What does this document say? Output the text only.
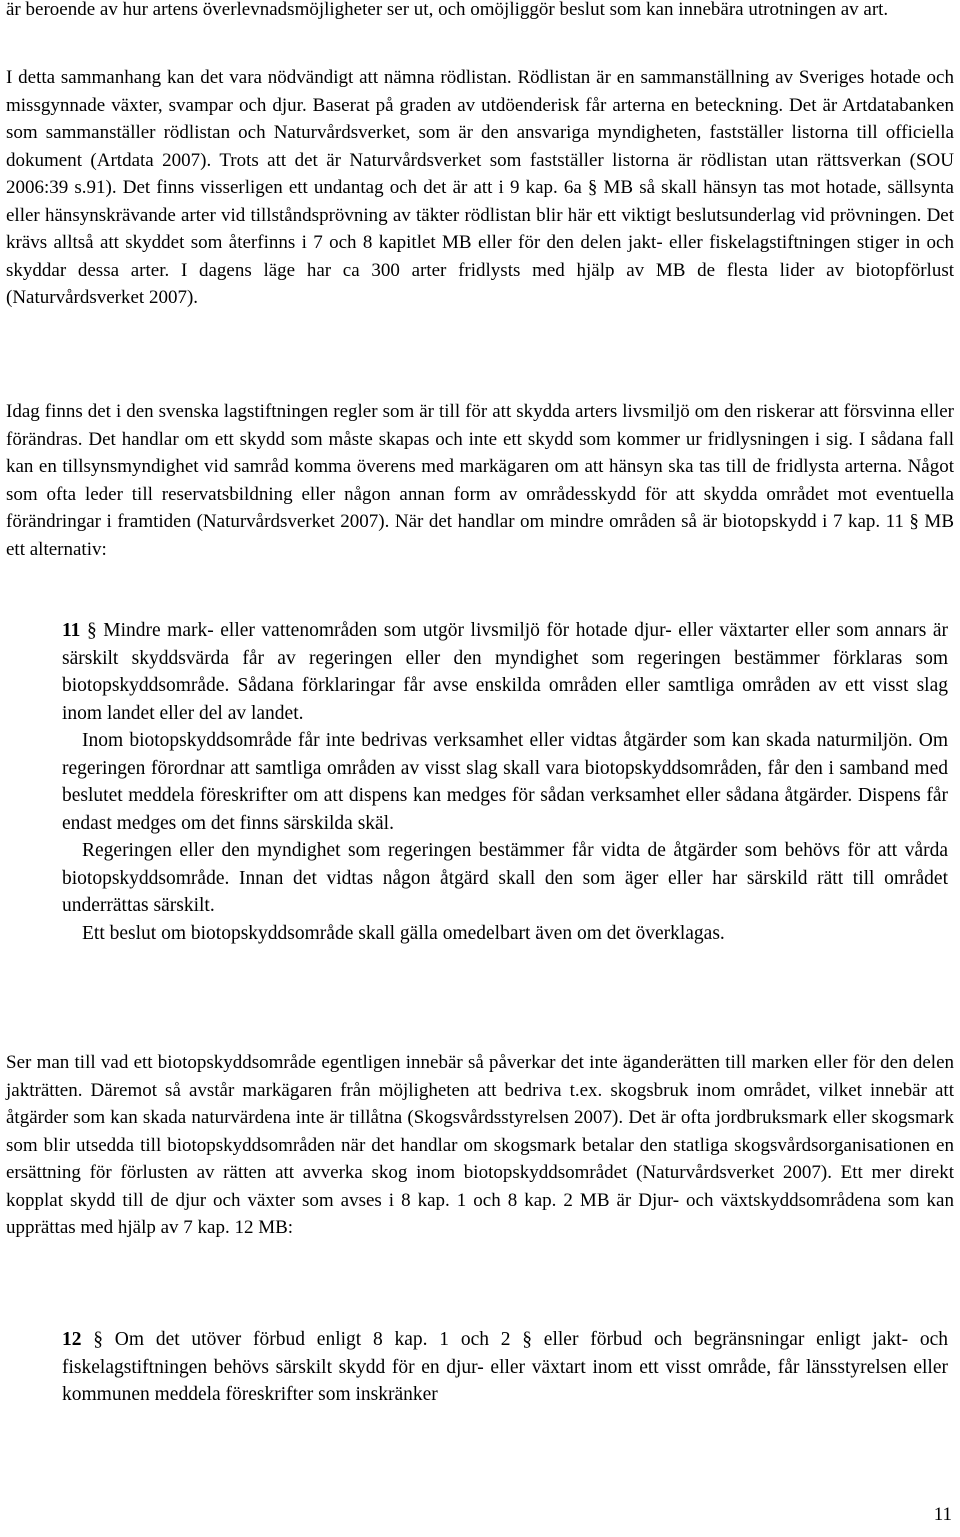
är beroende av hur artens överlevnadsmöjligheter ser ut, och omöjliggör beslut som kan innebära utrotningen av art.

I detta sammanhang kan det vara nödvändigt att nämna rödlistan. Rödlistan är en sammanställning av Sveriges hotade och missgynnade växter, svampar och djur. Baserat på graden av utdöenderisk får arterna en beteckning. Det är Artdatabanken som sammanställer rödlistan och Naturvårdsverket, som är den ansvariga myndigheten, fastställer listorna till officiella dokument (Artdata 2007). Trots att det är Naturvårdsverket som fastställer listorna är rödlistan utan rättsverkan (SOU 2006:39 s.91). Det finns visserligen ett undantag och det är att i 9 kap. 6a § MB så skall hänsyn tas mot hotade, sällsynta eller hänsynskrävande arter vid tillståndsprövning av täkter rödlistan blir här ett viktigt beslutsunderlag vid prövningen. Det krävs alltså att skyddet som återfinns i 7 och 8 kapitlet MB eller för den delen jakt- eller fiskelagstiftningen stiger in och skyddar dessa arter. I dagens läge har ca 300 arter fridlysts med hjälp av MB de flesta lider av biotopförlust (Naturvårdsverket 2007).

Idag finns det i den svenska lagstiftningen regler som är till för att skydda arters livsmiljö om den riskerar att försvinna eller förändras. Det handlar om ett skydd som måste skapas och inte ett skydd som kommer ur fridlysningen i sig. I sådana fall kan en tillsynsmyndighet vid samråd komma överens med markägaren om att hänsyn ska tas till de fridlysta arterna. Något som ofta leder till reservatsbildning eller någon annan form av områdesskydd för att skydda området mot eventuella förändringar i framtiden (Naturvårdsverket 2007). När det handlar om mindre områden så är biotopskydd i 7 kap. 11 § MB ett alternativ:

11 § Mindre mark- eller vattenområden som utgör livsmiljö för hotade djur- eller växtarter eller som annars är särskilt skyddsvärda får av regeringen eller den myndighet som regeringen bestämmer förklaras som biotopskyddsområde. Sådana förklaringar får avse enskilda områden eller samtliga områden av ett visst slag inom landet eller del av landet.

Inom biotopskyddsområde får inte bedrivas verksamhet eller vidtas åtgärder som kan skada naturmiljön. Om regeringen förordnar att samtliga områden av visst slag skall vara biotopskyddsområden, får den i samband med beslutet meddela föreskrifter om att dispens kan medges för sådan verksamhet eller sådana åtgärder. Dispens får endast medges om det finns särskilda skäl.

Regeringen eller den myndighet som regeringen bestämmer får vidta de åtgärder som behövs för att vårda biotopskyddsområde. Innan det vidtas någon åtgärd skall den som äger eller har särskild rätt till området underrättas särskilt.

Ett beslut om biotopskyddsområde skall gälla omedelbart även om det överklagas.

Ser man till vad ett biotopskyddsområde egentligen innebär så påverkar det inte äganderätten till marken eller för den delen jakträtten. Däremot så avstår markägaren från möjligheten att bedriva t.ex. skogsbruk inom området, vilket innebär att åtgärder som kan skada naturvärdena inte är tillåtna (Skogsvårdsstyrelsen 2007). Det är ofta jordbruksmark eller skogsmark som blir utsedda till biotopskyddsområden när det handlar om skogsmark betalar den statliga skogsvårdsorganisationen en ersättning för förlusten av rätten att avverka skog inom biotopskyddsområdet (Naturvårdsverket 2007). Ett mer direkt kopplat skydd till de djur och växter som avses i 8 kap. 1 och 8 kap. 2 MB är Djur- och växtskyddsområdena som kan upprättas med hjälp av 7 kap. 12 MB:

12 § Om det utöver förbud enligt 8 kap. 1 och 2 § eller förbud och begränsningar enligt jakt- och fiskelagstiftningen behövs särskilt skydd för en djur- eller växtart inom ett visst område, får länsstyrelsen eller kommunen meddela föreskrifter som inskränker

11
